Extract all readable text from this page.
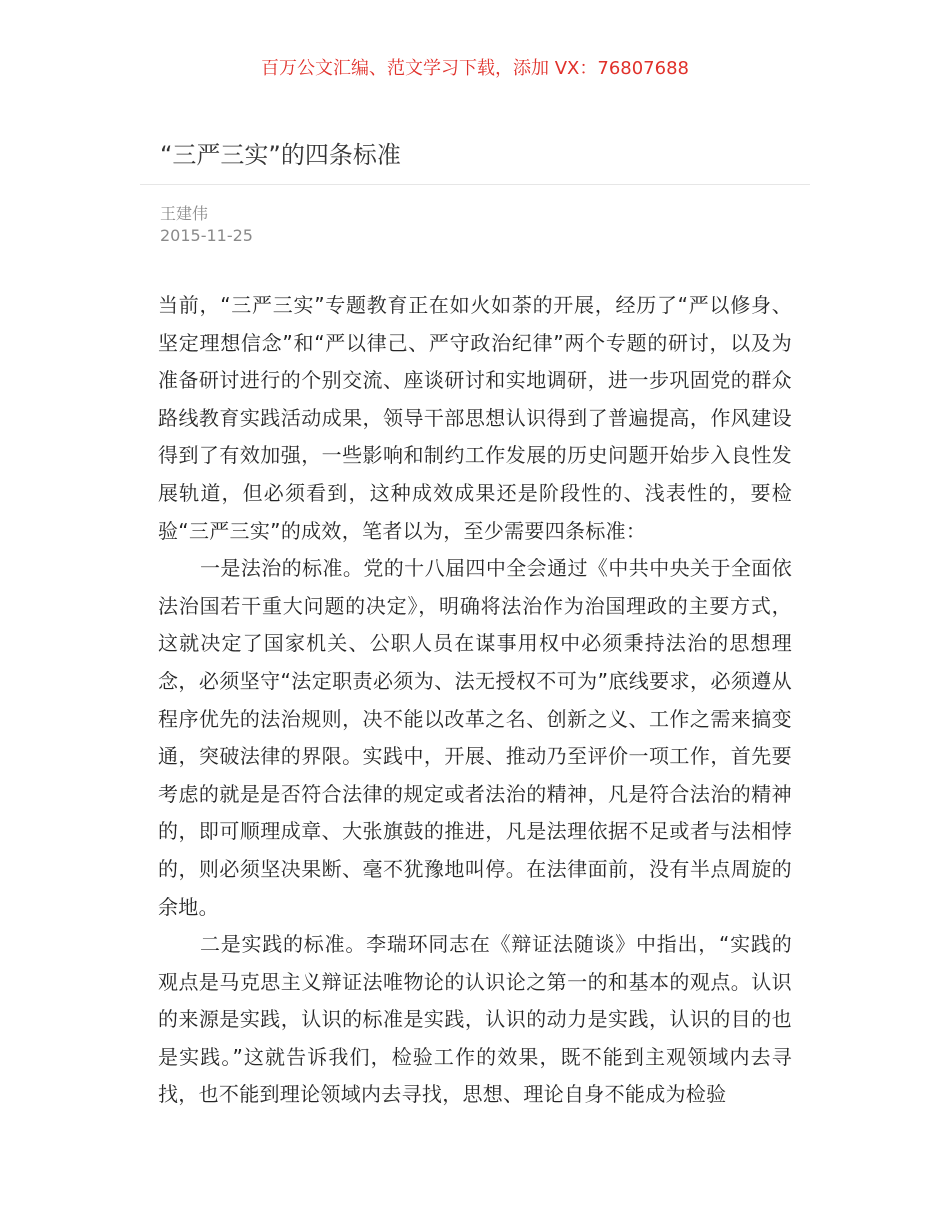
百万公文汇编、范文学习下载，添加 VX：76807688
“三严三实”的四条标准
王建伟
2015-11-25

当前，“三严三实”专题教育正在如火如荼的开展，经历了“严以修身、坚定理想信念”和“严以律己、严守政治纪律”两个专题的研讨，以及为准备研讨进行的个别交流、座谈研讨和实地调研，进一步巩固党的群众路线教育实践活动成果，领导干部思想认识得到了普遍提高，作风建设得到了有效加强，一些影响和制约工作发展的历史问题开始步入良性发展轨道，但必须看到，这种成效成果还是阶段性的、浅表性的，要检验“三严三实”的成效，笔者以为，至少需要四条标准：

一是法治的标准。党的十八届四中全会通过《中共中央关于全面依法治国若干重大问题的决定》，明确将法治作为治国理政的主要方式，这就决定了国家机关、公职人员在谋事用权中必须秉持法治的思想理念，必须坚守“法定职责必须为、法无授权不可为”底线要求，必须遵从程序优先的法治规则，决不能以改革之名、创新之义、工作之需来搞变通，突破法律的界限。实践中，开展、推动乃至评价一项工作，首先要考虑的就是是否符合法律的规定或者法治的精神，凡是符合法治的精神的，即可顺理成章、大张旗鼓的推进，凡是法理依据不足或者与法相悖的，则必须坚决果断、毫不犹豫地叫停。在法律面前，没有半点周旋的余地。

二是实践的标准。李瑞环同志在《辩证法随谈》中指出，“实践的观点是马克思主义辩证法唯物论的认识论之第一的和基本的观点。认识的来源是实践，认识的标准是实践，认识的动力是实践，认识的目的也是实践。”这就告诉我们，检验工作的效果，既不能到主观领域内去寻找，也不能到理论领域内去寻找，思想、理论自身不能成为检验
